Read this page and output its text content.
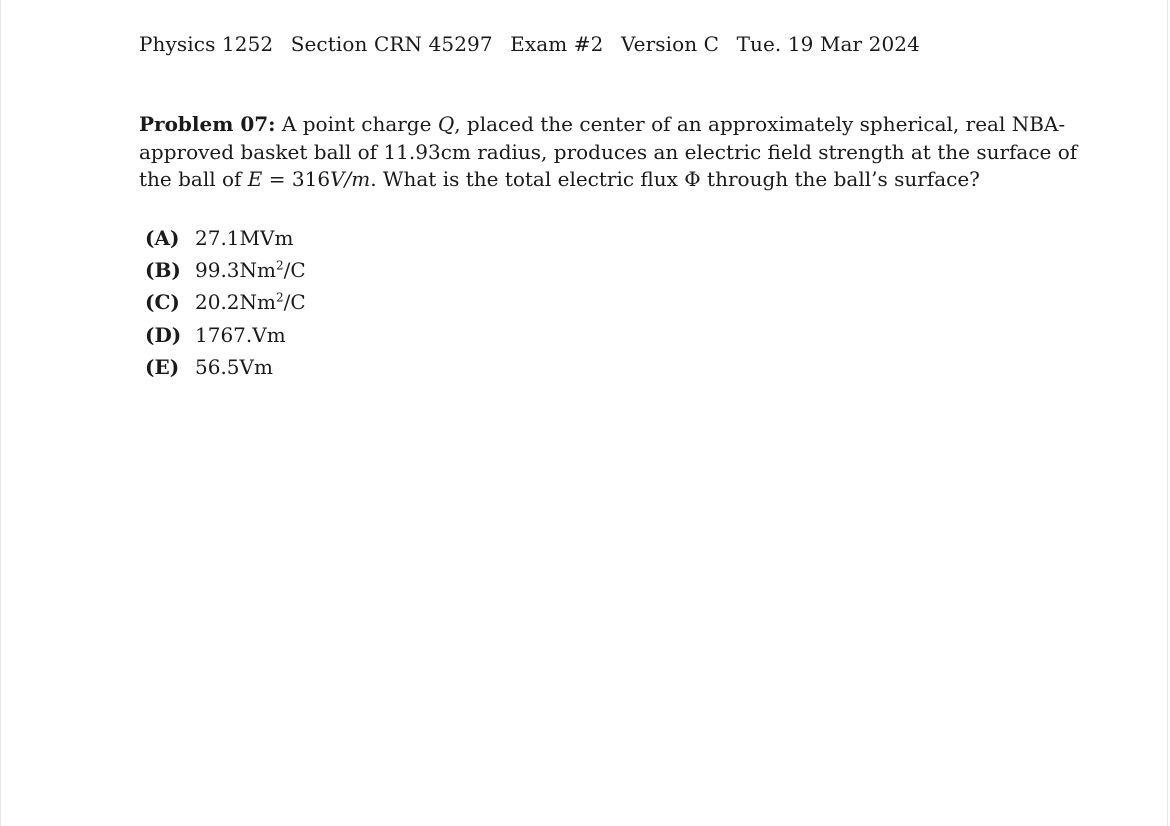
Physics 1252 Section CRN 45297 Exam #2 Version C Tue. 19 Mar 2024
Problem 07: A point charge Q, placed the center of an approximately spherical, real NBA-
approved basket ball of 11.93cm radius, produces an electric field strength at the surface of
the ball of E = 316V/m. What is the total electric flux Φ through the ball’s surface?
(A) 27.1MVm
(B) 99.3Nm$^2$/C
(C) 20.2Nm$^2$/C
(D) 1767.Vm
(E) 56.5Vm
